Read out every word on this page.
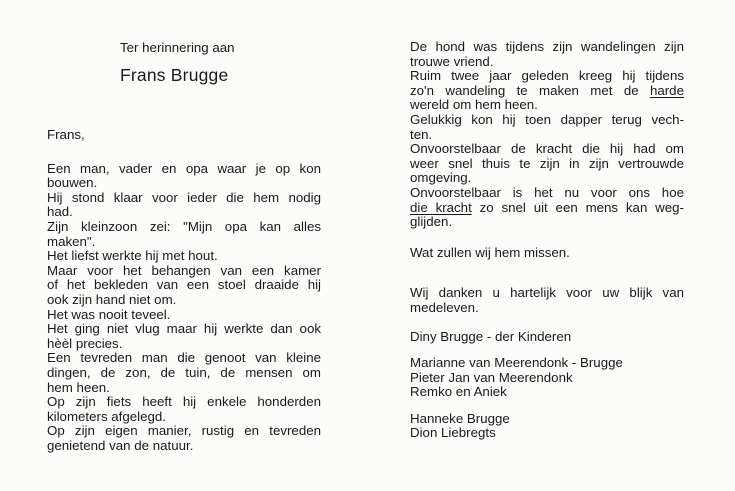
Ter herinnering aan
Frans Brugge
Frans,
Een man, vader en opa waar je op kon
bouwen.
Hij stond klaar voor ieder die hem nodig
had.
Zijn kleinzoon zei: "Mijn opa kan alles
maken".
Het liefst werkte hij met hout.
Maar voor het behangen van een kamer
of het bekleden van een stoel draaide hij
ook zijn hand niet om.
Het was nooit teveel.
Het ging niet vlug maar hij werkte dan ook
hèèl precies.
Een tevreden man die genoot van kleine
dingen, de zon, de tuin, de mensen om
hem heen.
Op zijn fiets heeft hij enkele honderden
kilometers afgelegd.
Op zijn eigen manier, rustig en tevreden
genietend van de natuur.
De hond was tijdens zijn wandelingen zijn
trouwe vriend.
Ruim twee jaar geleden kreeg hij tijdens
zo'n wandeling te maken met de harde
wereld om hem heen.
Gelukkig kon hij toen dapper terug vech-
ten.
Onvoorstelbaar de kracht die hij had om
weer snel thuis te zijn in zijn vertrouwde
omgeving.
Onvoorstelbaar is het nu voor ons hoe
die kracht zo snel uit een mens kan weg-
glijden.
Wat zullen wij hem missen.
Wij danken u hartelijk voor uw blijk van
medeleven.
Diny Brugge - der Kinderen
Marianne van Meerendonk - Brugge
Pieter Jan van Meerendonk
Remko en Aniek
Hanneke Brugge
Dion Liebregts
